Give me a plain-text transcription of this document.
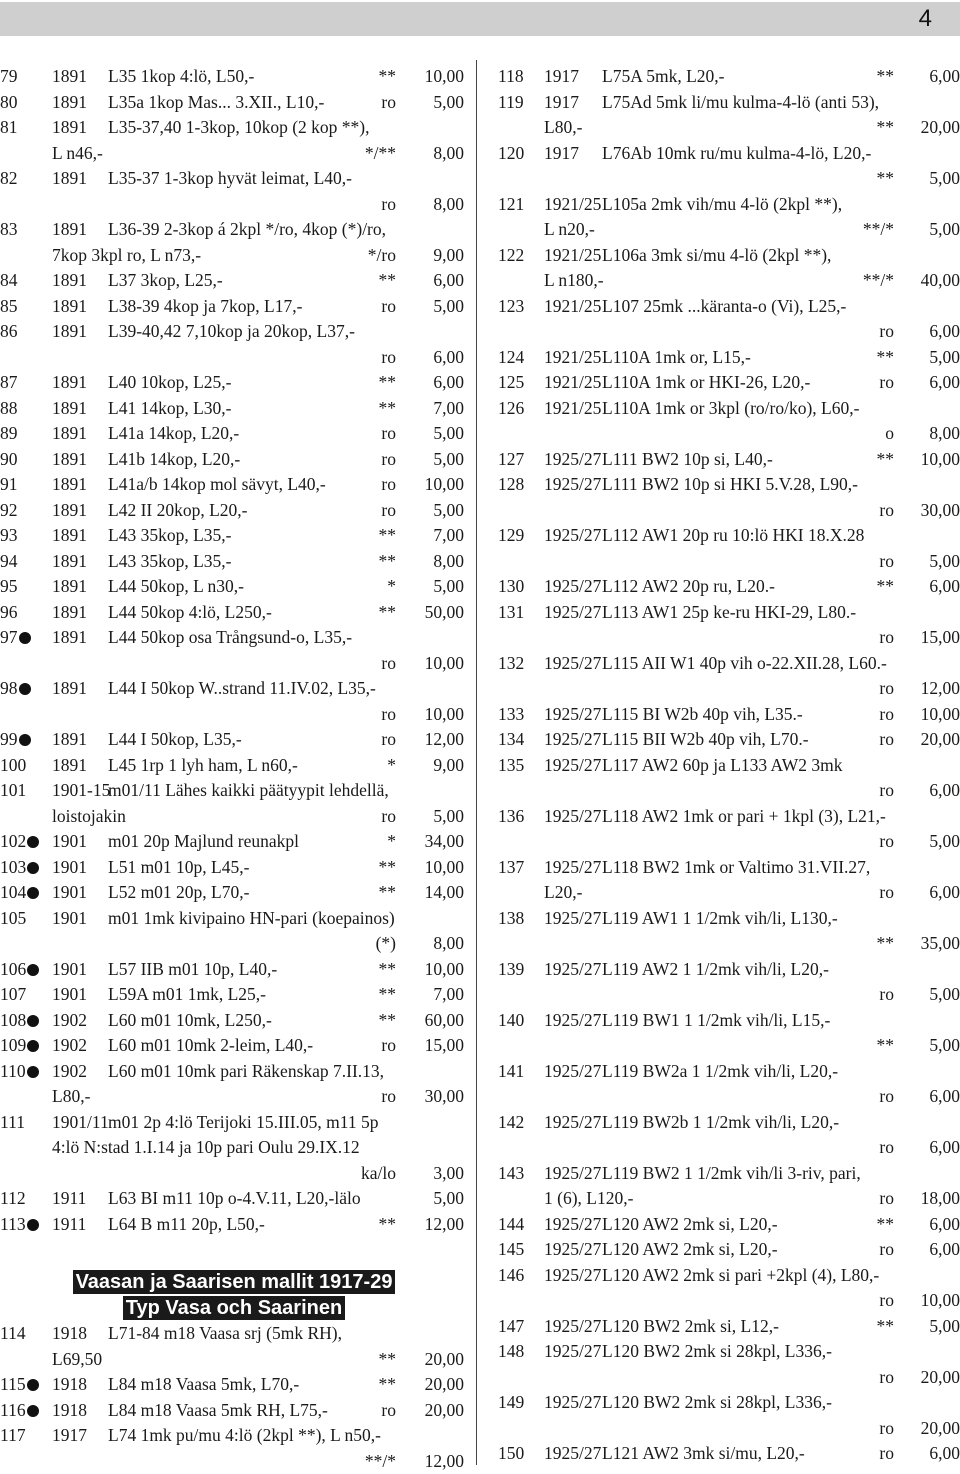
4
79 1891 L35 1kop 4:lö, L50,-	** 10,00
80 1891 L35a 1kop Mas... 3.XII., L10,-	ro 5,00
81 1891 L35-37,40 1-3kop, 10kop (2 kop **),
L n46,-	*/** 8,00
82 1891 L35-37 1-3kop hyvät leimat, L40,-
ro 8,00
83 1891 L36-39 2-3kop á 2kpl */ro, 4kop (*)/ro,
7kop 3kpl ro, L n73,-	*/ro 9,00
84 1891 L37 3kop, L25,-	** 6,00
85 1891 L38-39 4kop ja 7kop, L17,-	ro 5,00
86 1891 L39-40,42 7,10kop ja 20kop, L37,-
ro 6,00
87 1891 L40 10kop, L25,-	** 6,00
88 1891 L41 14kop, L30,-	** 7,00
89 1891 L41a 14kop, L20,-	ro 5,00
90 1891 L41b 14kop, L20,-	ro 5,00
91 1891 L41a/b 14kop mol sävyt, L40,-	ro 10,00
92 1891 L42 II 20kop, L20,-	ro 5,00
93 1891 L43 35kop, L35,-	** 7,00
94 1891 L43 35kop, L35,-	** 8,00
95 1891 L44 50kop, L n30,-	* 5,00
96 1891 L44 50kop 4:lö, L250,-	** 50,00
97	1891 L44 50kop osa Trångsund-o, L35,-
ro 10,00
98	1891 L44 I 50kop W..strand 11.IV.02, L35,-
ro 10,00
99	1891 L44 I 50kop, L35,-	ro 12,00
100 1891 L45 1rp 1 lyh ham, L n60,-	* 9,00
101 1901-15
m01/11 Lähes kaikki päätyypit lehdellä,
loistojakin	ro 5,00
102	1901 m01 20p Majlund reunakpl	* 34,00
103	1901 L51 m01 10p, L45,-	** 10,00
104	1901 L52 m01 20p, L70,-	** 14,00
105 1901 m01 1mk kivipaino HN-pari (koepainos)
(*) 8,00
106	1901 L57 IIB m01 10p, L40,-	** 10,00
107 1901 L59A m01 1mk, L25,-	** 7,00
108	1902 L60 m01 10mk, L250,-	** 60,00
109	1902 L60 m01 10mk 2-leim, L40,-	ro 15,00
110	1902 L60 m01 10mk pari Räkenskap 7.II.13,
L80,-	ro 30,00
111 1901/11 m01 2p 4:lö Terijoki 15.III.05, m11 5p
4:lö N:stad 1.I.14 ja 10p pari Oulu 29.IX.12
ka/lo 3,00
112 1911 L63 BI m11 10p o-4.V.11, L20,-lälo	5,00
113	1911 L64 B m11 20p, L50,-	** 12,00
Vaasan ja Saarisen mallit 1917-29
Typ Vasa och Saarinen
114 1918 L71-84 m18 Vaasa srj (5mk RH),
L69,50	** 20,00
115	1918 L84 m18 Vaasa 5mk, L70,-	** 20,00
116	1918 L84 m18 Vaasa 5mk RH, L75,-	ro 20,00
117 1917 L74 1mk pu/mu 4:lö (2kpl **), L n50,-
**/* 12,00
118 1917 L75A 5mk, L20,-	** 6,00
119 1917 L75Ad 5mk li/mu kulma-4-lö (anti 53),
L80,-	** 20,00
120 1917 L76Ab 10mk ru/mu kulma-4-lö, L20,-
** 5,00
121 1921/25 L105a 2mk vih/mu 4-lö (2kpl **),
L n20,-	**/* 5,00
122 1921/25 L106a 3mk si/mu 4-lö (2kpl **),
L n180,-	**/* 40,00
123 1921/25 L107 25mk ...käranta-o (Vi), L25,-
ro 6,00
124 1921/25 L110A 1mk or, L15,-	** 5,00
125 1921/25 L110A 1mk or HKI-26, L20,-	ro 6,00
126 1921/25 L110A 1mk or 3kpl (ro/ro/ko), L60,-
o 8,00
127 1925/27 L111 BW2 10p si, L40,-	** 10,00
128 1925/27 L111 BW2 10p si HKI 5.V.28, L90,-
ro 30,00
129 1925/27 L112 AW1 20p ru 10:lö HKI 18.X.28
ro 5,00
130 1925/27 L112 AW2 20p ru, L20.-	** 6,00
131 1925/27 L113 AW1 25p ke-ru HKI-29, L80.-
ro 15,00
132 1925/27 L115 AII W1 40p vih o-22.XII.28, L60.-
ro 12,00
133 1925/27 L115 BI W2b 40p vih, L35.-	ro 10,00
134 1925/27 L115 BII W2b 40p vih, L70.-	ro 20,00
135 1925/27 L117 AW2 60p ja L133 AW2 3mk
ro 6,00
136 1925/27 L118 AW2 1mk or pari + 1kpl (3), L21,-
ro 5,00
137 1925/27 L118 BW2 1mk or Valtimo 31.VII.27,
L20,-	ro 6,00
138 1925/27 L119 AW1 1 1/2mk vih/li, L130,-
** 35,00
139 1925/27 L119 AW2 1 1/2mk vih/li, L20,-
ro 5,00
140 1925/27 L119 BW1 1 1/2mk vih/li, L15,-
** 5,00
141 1925/27 L119 BW2a 1 1/2mk vih/li, L20,-
ro 6,00
142 1925/27 L119 BW2b 1 1/2mk vih/li, L20,-
ro 6,00
143 1925/27 L119 BW2 1 1/2mk vih/li 3-riv, pari,
1 (6), L120,-	ro 18,00
144 1925/27 L120 AW2 2mk si, L20,-	** 6,00
145 1925/27 L120 AW2 2mk si, L20,-	ro 6,00
146 1925/27 L120 AW2 2mk si pari +2kpl (4), L80,-
ro 10,00
147 1925/27 L120 BW2 2mk si, L12,-	** 5,00
148 1925/27 L120 BW2 2mk si 28kpl, L336,-
ro 20,00
149 1925/27 L120 BW2 2mk si 28kpl, L336,-
ro 20,00
150 1925/27 L121 AW2 3mk si/mu, L20,-	ro 6,00
